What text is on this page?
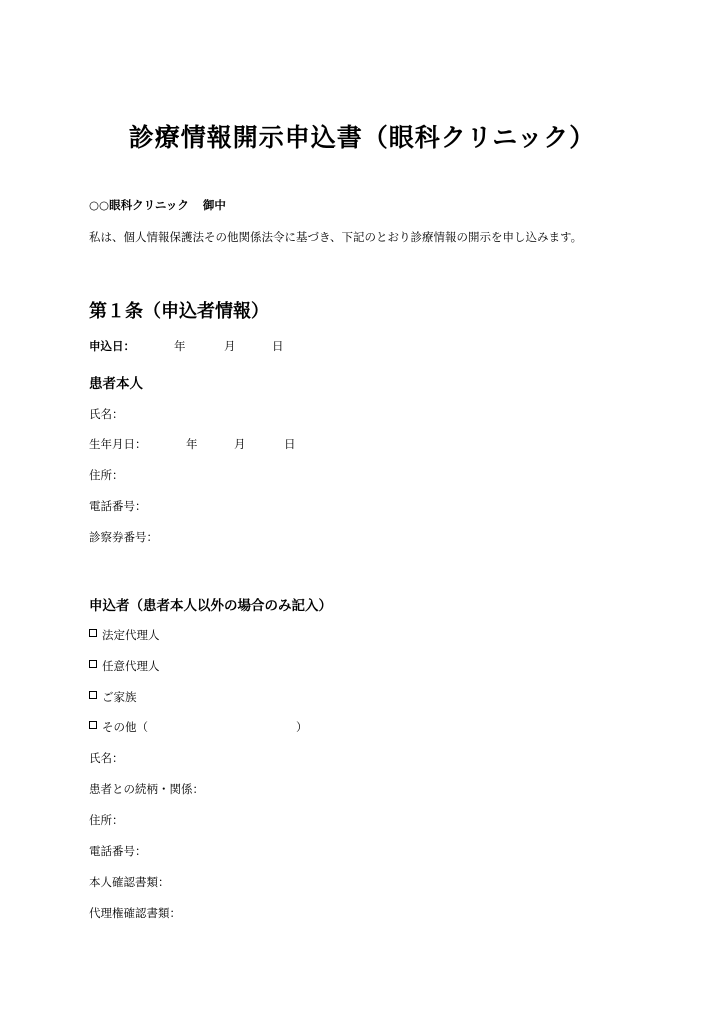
診療情報開示申込書（眼科クリニック）
○○眼科クリニック 御中
私は、個人情報保護法その他関係法令に基づき、下記のとおり診療情報の開示を申し込みます。
第１条（申込者情報）
申込日：	年	月	日
患者本人
氏名：
生年月日：	年	月	日
住所：
電話番号：
診察券番号：
申込者（患者本人以外の場合のみ記入）
法定代理人
任意代理人
ご家族
その他（	）
氏名：
患者との続柄・関係：
住所：
電話番号：
本人確認書類：
代理権確認書類：
